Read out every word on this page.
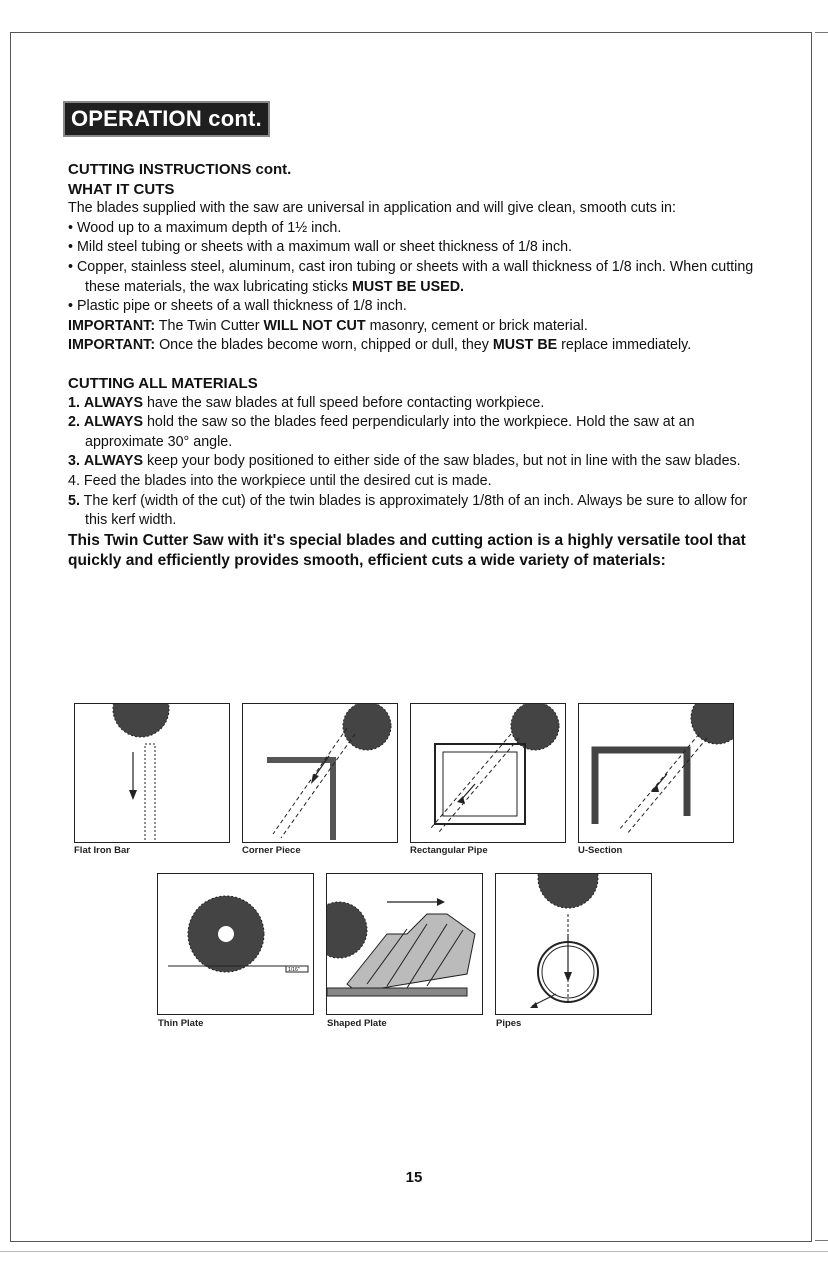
OPERATION cont.

CUTTING INSTRUCTIONS cont.

WHAT IT CUTS

The blades supplied with the saw are universal in application and will give clean, smooth cuts in:

• Wood up to a maximum depth of 1½ inch.

• Mild steel tubing or sheets with a maximum wall or sheet thickness of 1/8 inch.

• Copper, stainless steel, aluminum, cast iron tubing or sheets with a wall thickness of 1/8 inch. When cutting these materials, the wax lubricating sticks MUST BE USED.

• Plastic pipe or sheets of a wall thickness of 1/8 inch.

IMPORTANT: The Twin Cutter WILL NOT CUT masonry, cement or brick material.

IMPORTANT: Once the blades become worn, chipped or dull, they MUST BE replace immediately.

CUTTING ALL MATERIALS

1. ALWAYS have the saw blades at full speed before contacting workpiece.

2. ALWAYS hold the saw so the blades feed perpendicularly into the workpiece. Hold the saw at an approximate 30° angle.

3. ALWAYS keep your body positioned to either side of the saw blades, but not in line with the saw blades.

4. Feed the blades into the workpiece until the desired cut is made.

5. The kerf (width of the cut) of the twin blades is approximately 1/8th of an inch. Always be sure to allow for this kerf width.

This Twin Cutter Saw with it's special blades and cutting action is a highly versatile tool that quickly and efficiently provides smooth, efficient cuts a wide variety of materials:

Flat Iron Bar	Corner Piece	Rectangular Pipe	U-Section
1/16"
Thin Plate	Shaped Plate	Pipes
15
